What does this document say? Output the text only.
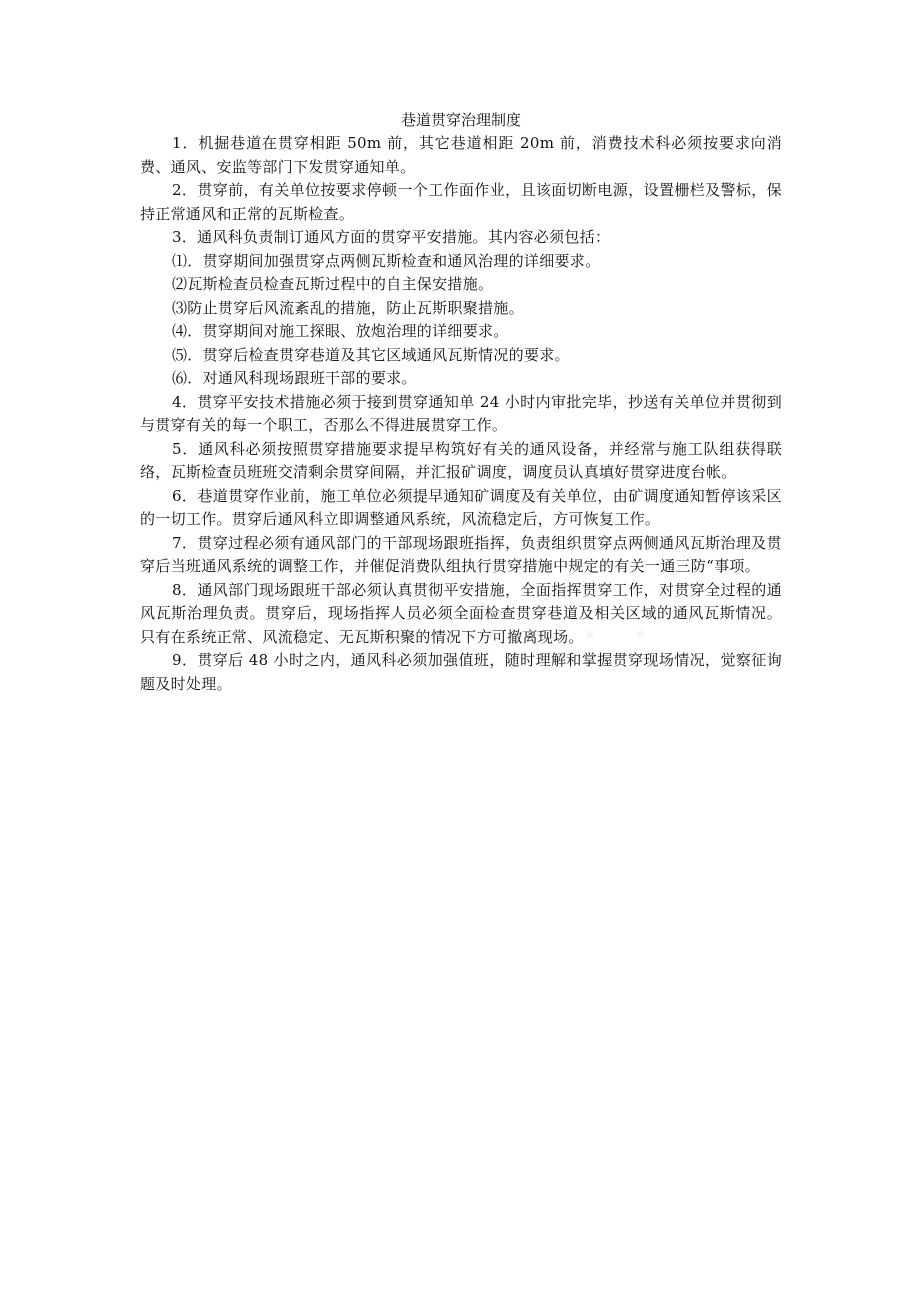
巷道贯穿治理制度

1．机掘巷道在贯穿相距 50m 前，其它巷道相距 20m 前，消费技术科必须按要求向消费、通风、安监等部门下发贯穿通知单。

2．贯穿前，有关单位按要求停顿一个工作面作业，且该面切断电源，设置栅栏及警标，保持正常通风和正常的瓦斯检查。

3．通风科负责制订通风方面的贯穿平安措施。其内容必须包括：

⑴．贯穿期间加强贯穿点两侧瓦斯检查和通风治理的详细要求。

⑵瓦斯检查员检查瓦斯过程中的自主保安措施。

⑶防止贯穿后风流紊乱的措施，防止瓦斯职聚措施。

⑷．贯穿期间对施工探眼、放炮治理的详细要求。

⑸．贯穿后检查贯穿巷道及其它区域通风瓦斯情况的要求。

⑹．对通风科现场跟班干部的要求。

4．贯穿平安技术措施必须于接到贯穿通知单 24 小时内审批完毕，抄送有关单位并贯彻到与贯穿有关的每一个职工，否那么不得进展贯穿工作。

5．通风科必须按照贯穿措施要求提早构筑好有关的通风设备，并经常与施工队组获得联络，瓦斯检查员班班交清剩余贯穿间隔，并汇报矿调度，调度员认真填好贯穿进度台帐。

6．巷道贯穿作业前，施工单位必须提早通知矿调度及有关单位，由矿调度通知暂停该采区的一切工作。贯穿后通风科立即调整通风系统，风流稳定后，方可恢复工作。

7．贯穿过程必须有通风部门的干部现场跟班指挥，负责组织贯穿点两侧通风瓦斯治理及贯穿后当班通风系统的调整工作，并催促消费队组执行贯穿措施中规定的有关一通三防“事项。

8．通风部门现场跟班干部必须认真贯彻平安措施，全面指挥贯穿工作，对贯穿全过程的通风瓦斯治理负责。贯穿后，现场指挥人员必须全面检查贯穿巷道及相关区域的通风瓦斯情况。只有在系统正常、风流稳定、无瓦斯积聚的情况下方可撤离现场。

9．贯穿后 48 小时之内，通风科必须加强值班，随时理解和掌握贯穿现场情况，觉察征询题及时处理。
